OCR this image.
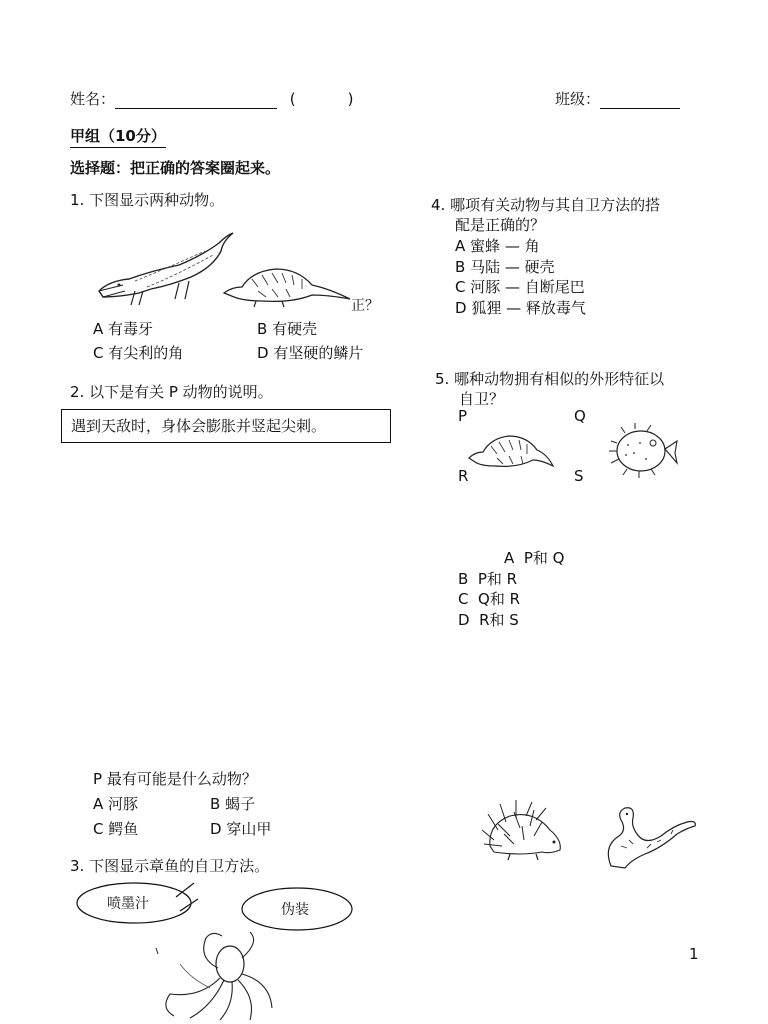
姓名：	(	)	班级：
甲组（10分）
选择题：把正确的答案圈起来。
1. 下图显示两种动物。
正？
A 有毒牙	B 有硬壳
C 有尖利的角	D 有坚硬的鳞片
2. 以下是有关 P 动物的说明。
遇到天敌时，身体会膨胀并竖起尖刺。
P 最有可能是什么动物？
A 河豚	B 蝎子
C 鳄鱼	D 穿山甲
3. 下图显示章鱼的自卫方法。
喷墨汁	伪装
4. 哪项有关动物与其自卫方法的搭
配是正确的？
A 蜜蜂 — 角
B 马陆 — 硬壳
C 河豚 — 自断尾巴
D 狐狸 — 释放毒气
5. 哪种动物拥有相似的外形特征以
自卫？
P	Q
R	S
A P和 Q
B P和 R
C Q和 R
D R和 S
1
